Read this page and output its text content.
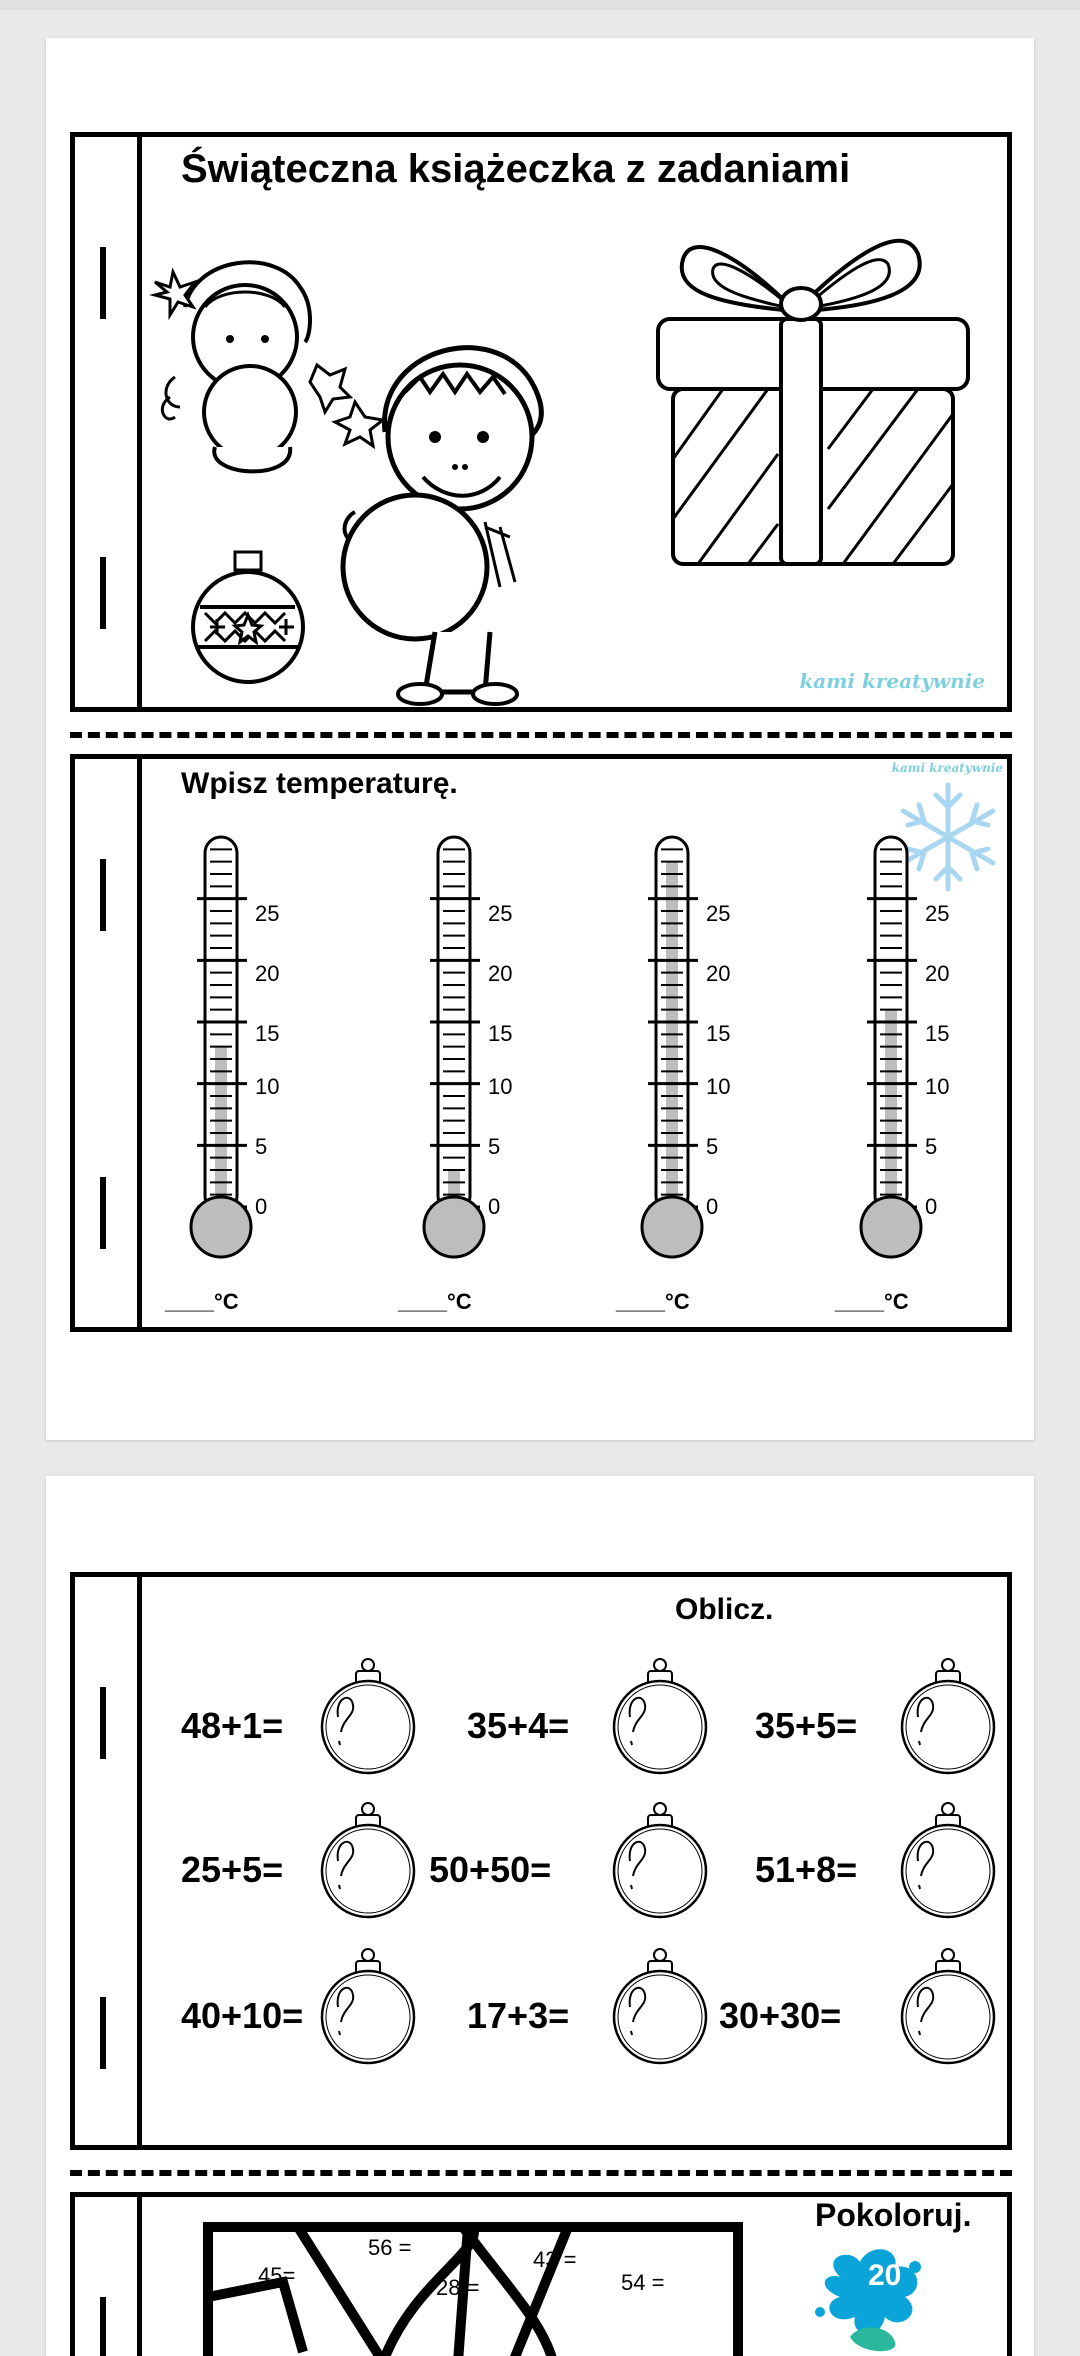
Świąteczna książeczka z zadaniami
kami kreatywnie
Wpisz temperaturę.	kami kreatywnie
25
20
15
10
5
0
____°C
25
20
15
10
5
0
____°C
25
20
15
10
5
0
____°C
25
20
15
10
5
0
____°C
Oblicz.
48+1=	35+4=	35+5=
25+5=	50+50=	51+8=
40+10=	17+3=	30+30=
Pokoloruj.
56 =	43 =
45=	28 =	54 =	20
